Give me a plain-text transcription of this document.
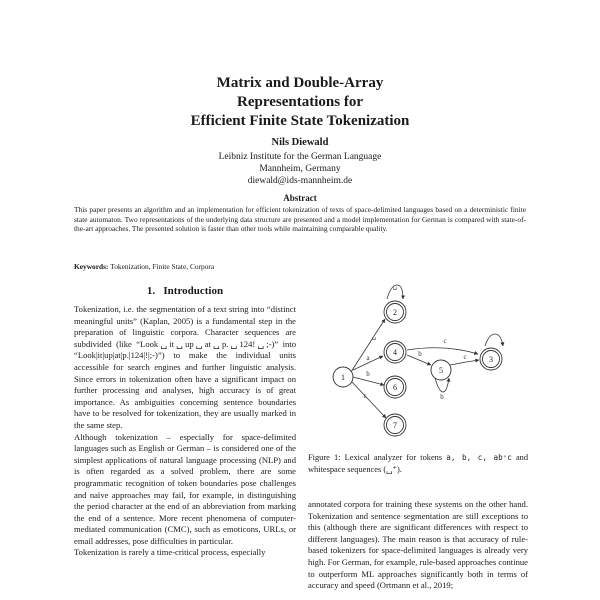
Matrix and Double-Array
Representations for
Efficient Finite State Tokenization
Nils Diewald
Leibniz Institute for the German Language
Mannheim, Germany
diewald@ids-mannheim.de
Abstract
This paper presents an algorithm and an implementation for efficient tokenization of texts of space-delimited languages based on a deterministic finite state automaton. Two representations of the underlying data structure are presented and a model implementation for German is compared with state-of-the-art approaches. The presented solution is faster than other tools while maintaining comparable quality.
Keywords: Tokenization, Finite State, Corpora
1. Introduction

Tokenization, i.e. the segmentation of a text string into “distinct meaningful units” (Kaplan, 2005) is a fundamental step in the preparation of linguistic corpora. Character sequences are subdivided (like “Look␣it␣up␣at␣p.␣124!␣;-)” into “Look|it|up|at|p.|124|!|;-)”) to make the individual units accessible for search engines and further linguistic analysis. Since errors in tokenization often have a significant impact on further processing and analyses, high accuracy is of great importance. As ambiguities concerning sentence boundaries have to be resolved for tokenization, they are usually marked in the same step.

Although tokenization – especially for space-delimited languages such as English or German – is considered one of the simplest applications of natural language processing (NLP) and is often regarded as a solved problem, there are some programmatic recognition of token boundaries pose challenges and naïve approaches may fail, for example, in distinguishing the period character at the end of an abbreviation from marking the end of a sentence. More recent phenomena of computer-mediated communication (CMC), such as emoticons, URLs, or email addresses, pose difficulties in particular.

Tokenization is rarely a time-critical process, especially

1
2
3
4
5
6
7
␣
␣
a
b
c
b
c
b
c
Figure 1: Lexical analyzer for tokens a, b, c, ab⁺c and whitespace sequences (␣⁺).

annotated corpora for training these systems on the other hand. Tokenization and sentence segmentation are still exceptions to this (although there are significant differences with respect to different languages). The main reason is that accuracy of rule-based tokenizers for space-delimited languages is already very high. For German, for example, rule-based approaches continue to outperform ML approaches significantly both in terms of accuracy and speed (Ortmann et al., 2019;
